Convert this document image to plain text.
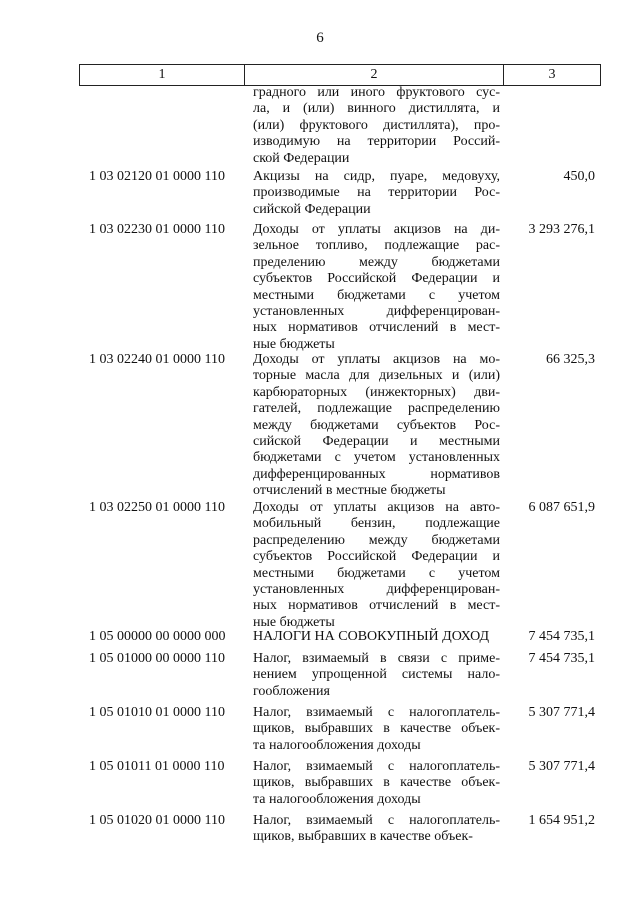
6
1	2	3
градного или иного фруктового сус-
ла, и (или) винного дистиллята, и
(или) фруктового дистиллята), про-
изводимую на территории Россий-
ской Федерации
1 03 02120 01 0000 110	Акцизы на сидр, пуаре, медовуху,
производимые на территории Рос-
сийской Федерации
450,0
1 03 02230 01 0000 110	Доходы от уплаты акцизов на ди-
зельное топливо, подлежащие рас-
пределению между бюджетами
субъектов Российской Федерации и
местными бюджетами с учетом
установленных дифференцирован-
ных нормативов отчислений в мест-
ные бюджеты
3 293 276,1
1 03 02240 01 0000 110	Доходы от уплаты акцизов на мо-
торные масла для дизельных и (или)
карбюраторных (инжекторных) дви-
гателей, подлежащие распределению
между бюджетами субъектов Рос-
сийской Федерации и местными
бюджетами с учетом установленных
дифференцированных нормативов
отчислений в местные бюджеты
66 325,3
1 03 02250 01 0000 110	Доходы от уплаты акцизов на авто-
мобильный бензин, подлежащие
распределению между бюджетами
субъектов Российской Федерации и
местными бюджетами с учетом
установленных дифференцирован-
ных нормативов отчислений в мест-
ные бюджеты
6 087 651,9
1 05 00000 00 0000 000	НАЛОГИ НА СОВОКУПНЫЙ ДОХОД	7 454 735,1
1 05 01000 00 0000 110	Налог, взимаемый в связи с приме-
нением упрощенной системы нало-
гообложения
7 454 735,1
1 05 01010 01 0000 110	Налог, взимаемый с налогоплатель-
щиков, выбравших в качестве объек-
та налогообложения доходы
5 307 771,4
1 05 01011 01 0000 110	Налог, взимаемый с налогоплатель-
щиков, выбравших в качестве объек-
та налогообложения доходы
5 307 771,4
1 05 01020 01 0000 110	Налог, взимаемый с налогоплатель-
щиков, выбравших в качестве объек-
1 654 951,2
